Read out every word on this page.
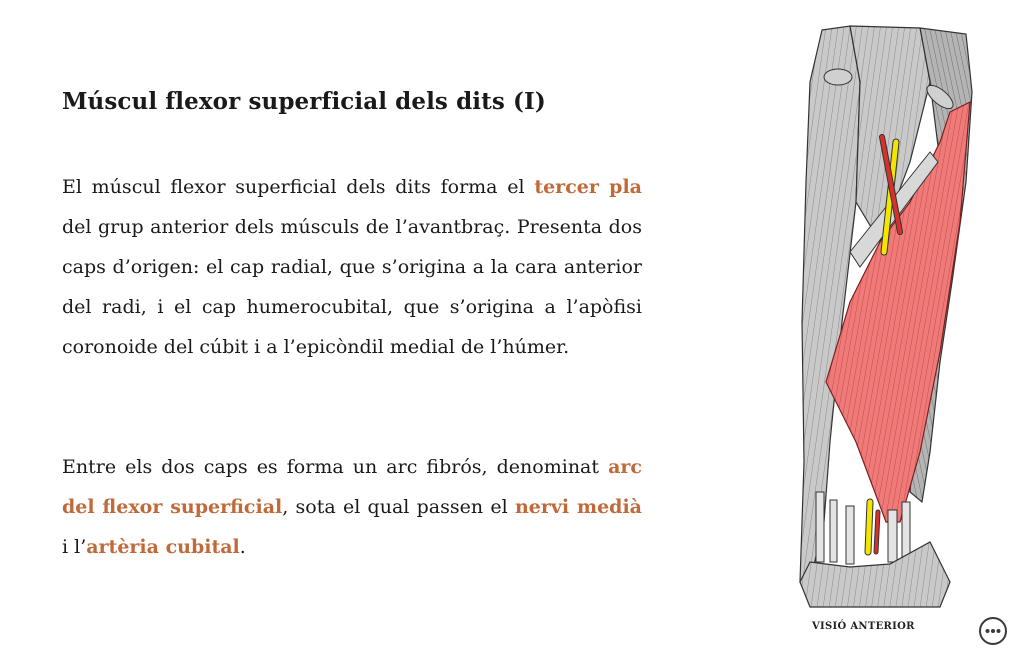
Múscul flexor superficial dels dits (I)

El múscul flexor superficial dels dits forma el tercer pla del grup anterior dels músculs de l’avantbraç. Presenta dos caps d’origen: el cap radial, que s’origina a la cara anterior del radi, i el cap humerocubital, que s’origina a l’apòfisi coronoide del cúbit i a l’epicòndil medial de l’húmer.

Entre els dos caps es forma un arc fibrós, denominat arc del flexor superficial, sota el qual passen el nervi medià i l’artèria cubital.

VISIÓ ANTERIOR
